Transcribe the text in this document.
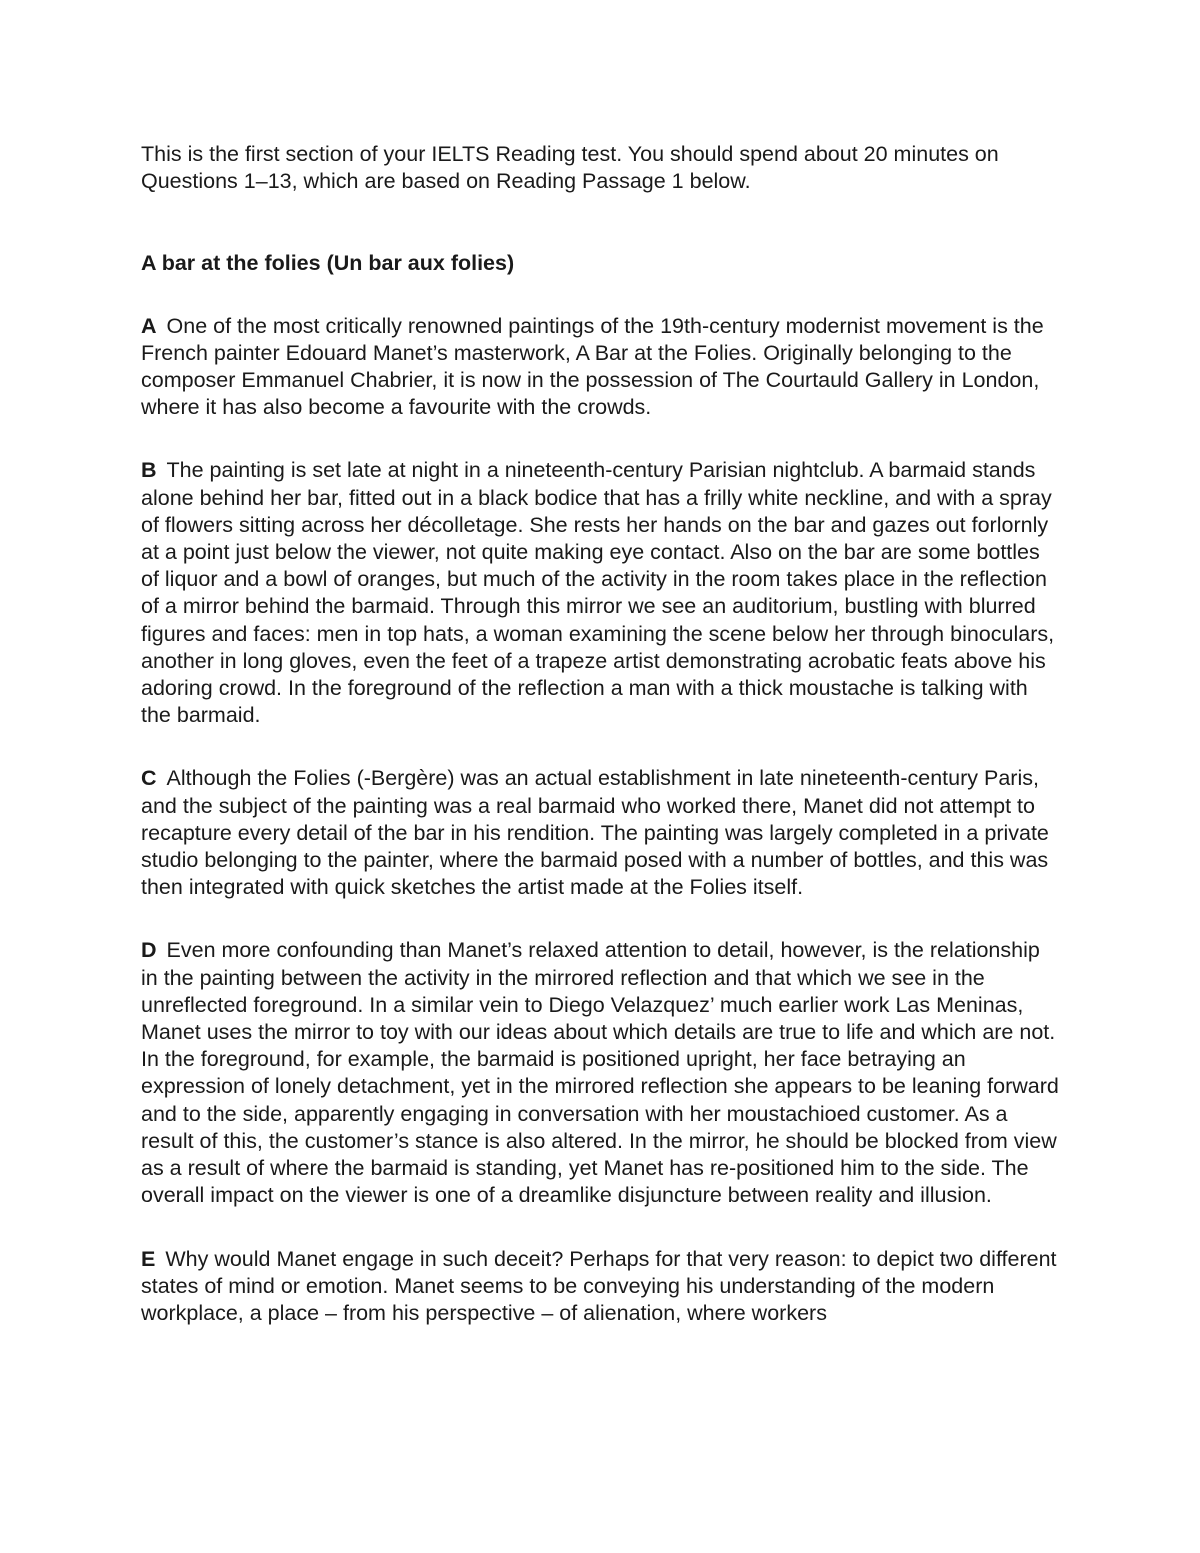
This is the first section of your IELTS Reading test. You should spend about 20 minutes on Questions 1–13, which are based on Reading Passage 1 below.

A bar at the folies (Un bar aux folies)

A One of the most critically renowned paintings of the 19th-century modernist movement is the French painter Edouard Manet’s masterwork, A Bar at the Folies. Originally belonging to the composer Emmanuel Chabrier, it is now in the possession of The Courtauld Gallery in London, where it has also become a favourite with the crowds.

B The painting is set late at night in a nineteenth-century Parisian nightclub. A barmaid stands alone behind her bar, fitted out in a black bodice that has a frilly white neckline, and with a spray of flowers sitting across her décolletage. She rests her hands on the bar and gazes out forlornly at a point just below the viewer, not quite making eye contact. Also on the bar are some bottles of liquor and a bowl of oranges, but much of the activity in the room takes place in the reflection of a mirror behind the barmaid. Through this mirror we see an auditorium, bustling with blurred figures and faces: men in top hats, a woman examining the scene below her through binoculars, another in long gloves, even the feet of a trapeze artist demonstrating acrobatic feats above his adoring crowd. In the foreground of the reflection a man with a thick moustache is talking with the barmaid.

C Although the Folies (-Bergère) was an actual establishment in late nineteenth-century Paris, and the subject of the painting was a real barmaid who worked there, Manet did not attempt to recapture every detail of the bar in his rendition. The painting was largely completed in a private studio belonging to the painter, where the barmaid posed with a number of bottles, and this was then integrated with quick sketches the artist made at the Folies itself.

D Even more confounding than Manet’s relaxed attention to detail, however, is the relationship in the painting between the activity in the mirrored reflection and that which we see in the unreflected foreground. In a similar vein to Diego Velazquez’ much earlier work Las Meninas, Manet uses the mirror to toy with our ideas about which details are true to life and which are not. In the foreground, for example, the barmaid is positioned upright, her face betraying an expression of lonely detachment, yet in the mirrored reflection she appears to be leaning forward and to the side, apparently engaging in conversation with her moustachioed customer. As a result of this, the customer’s stance is also altered. In the mirror, he should be blocked from view as a result of where the barmaid is standing, yet Manet has re-positioned him to the side. The overall impact on the viewer is one of a dreamlike disjuncture between reality and illusion.

E Why would Manet engage in such deceit? Perhaps for that very reason: to depict two different states of mind or emotion. Manet seems to be conveying his understanding of the modern workplace, a place – from his perspective – of alienation, where workers
